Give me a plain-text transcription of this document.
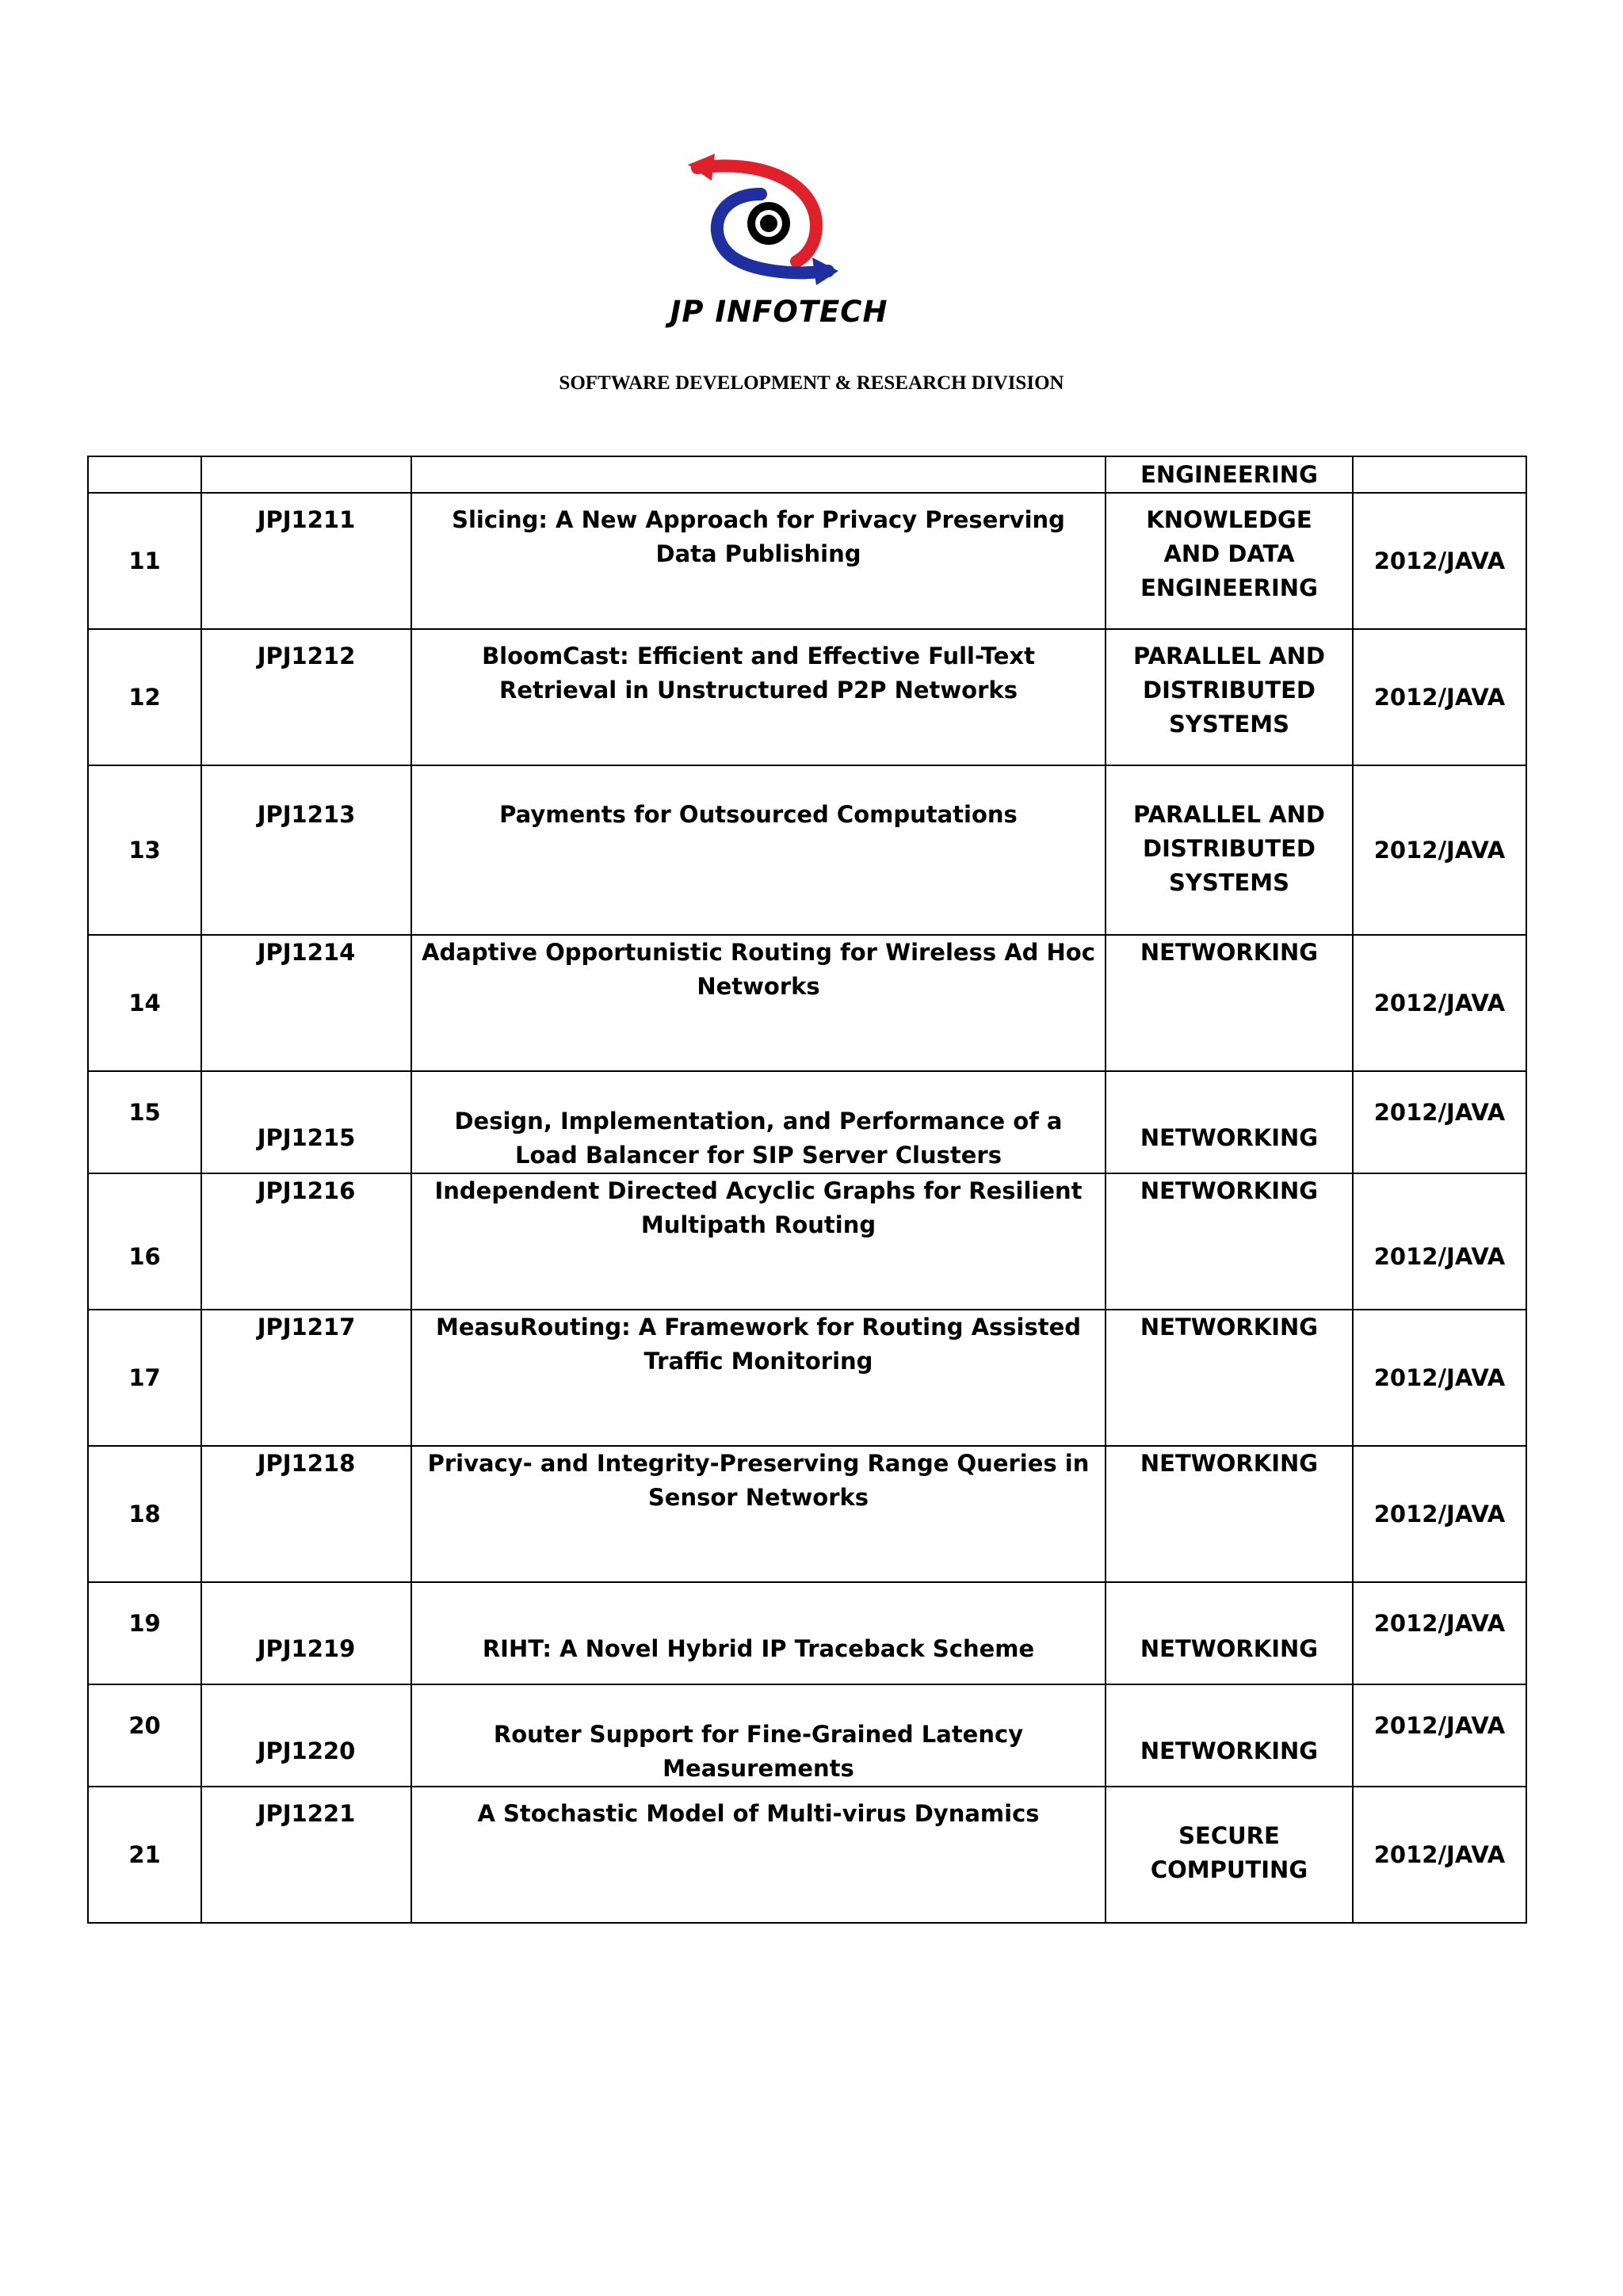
JP INFOTECH
SOFTWARE DEVELOPMENT & RESEARCH DIVISION
			ENGINEERING	
11	JPJ1211	Slicing: A New Approach for Privacy Preserving Data Publishing	KNOWLEDGE AND DATA ENGINEERING	2012/JAVA
12	JPJ1212	BloomCast: Efficient and Effective Full-Text Retrieval in Unstructured P2P Networks	PARALLEL AND DISTRIBUTED SYSTEMS	2012/JAVA
13	JPJ1213	Payments for Outsourced Computations	PARALLEL AND DISTRIBUTED SYSTEMS	2012/JAVA
14	JPJ1214	Adaptive Opportunistic Routing for Wireless Ad Hoc Networks	NETWORKING	2012/JAVA
15	JPJ1215	Design, Implementation, and Performance of a Load Balancer for SIP Server Clusters	NETWORKING	2012/JAVA
16	JPJ1216	Independent Directed Acyclic Graphs for Resilient Multipath Routing	NETWORKING	2012/JAVA
17	JPJ1217	MeasuRouting: A Framework for Routing Assisted Traffic Monitoring	NETWORKING	2012/JAVA
18	JPJ1218	Privacy- and Integrity-Preserving Range Queries in Sensor Networks	NETWORKING	2012/JAVA
19	JPJ1219	RIHT: A Novel Hybrid IP Traceback Scheme	NETWORKING	2012/JAVA
20	JPJ1220	Router Support for Fine-Grained Latency Measurements	NETWORKING	2012/JAVA
21	JPJ1221	A Stochastic Model of Multi-virus Dynamics	SECURE COMPUTING	2012/JAVA
